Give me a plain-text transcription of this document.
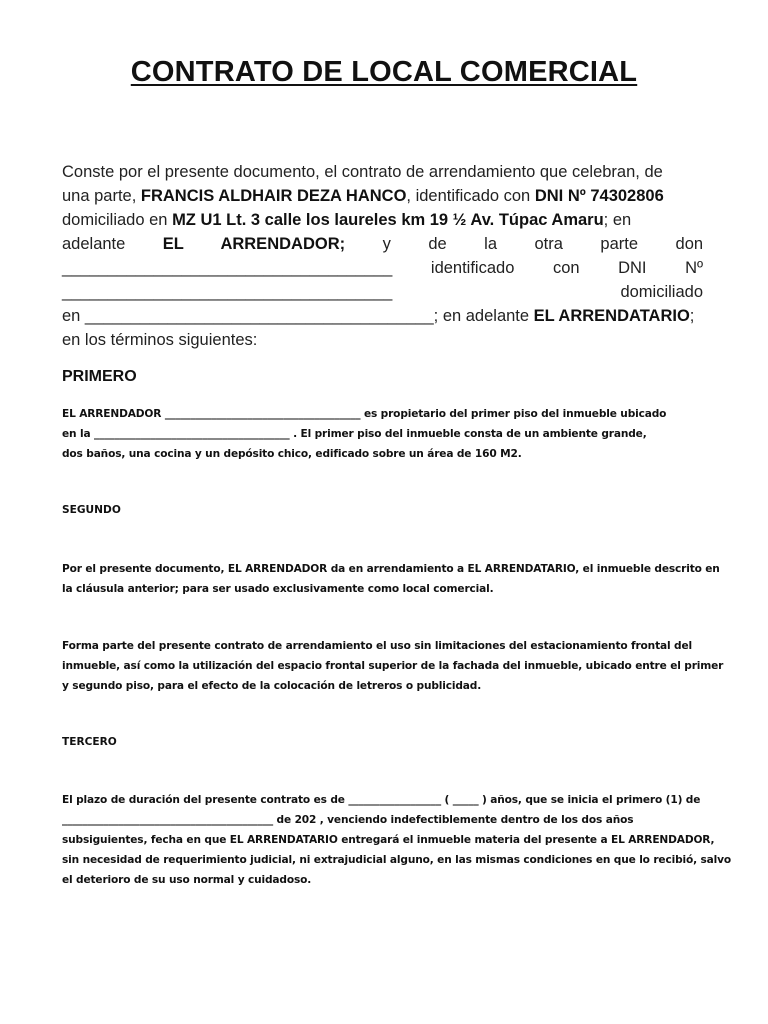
CONTRATO DE LOCAL COMERCIAL
Conste por el presente documento, el contrato de arrendamiento que celebran, de
una parte, FRANCIS ALDHAIR DEZA HANCO, identificado con DNI Nº 74302806
domiciliado en MZ U1 Lt. 3 calle los laureles km 19 ½ Av. Túpac Amaru; en
adelante EL ARRENDADOR; y de la otra parte don
____________________________________ identificado con DNI Nº
____________________________________	domiciliado
en ______________________________________; en adelante EL ARRENDATARIO;
en los términos siguientes:
PRIMERO
EL ARRENDADOR ______________________________________ es propietario del primer piso del inmueble ubicado
en la ______________________________________ . El primer piso del inmueble consta de un ambiente grande,
dos baños, una cocina y un depósito chico, edificado sobre un área de 160 M2.
SEGUNDO
Por el presente documento, EL ARRENDADOR da en arrendamiento a EL ARRENDATARIO, el inmueble descrito en
la cláusula anterior; para ser usado exclusivamente como local comercial.
Forma parte del presente contrato de arrendamiento el uso sin limitaciones del estacionamiento frontal del
inmueble, así como la utilización del espacio frontal superior de la fachada del inmueble, ubicado entre el primer
y segundo piso, para el efecto de la colocación de letreros o publicidad.
TERCERO
El plazo de duración del presente contrato es de __________________ ( _____ ) años, que se inicia el primero (1) de
_________________________________________ de 202 , venciendo indefectiblemente dentro de los dos años
subsiguientes, fecha en que EL ARRENDATARIO entregará el inmueble materia del presente a EL ARRENDADOR,
sin necesidad de requerimiento judicial, ni extrajudicial alguno, en las mismas condiciones en que lo recibió, salvo
el deterioro de su uso normal y cuidadoso.
